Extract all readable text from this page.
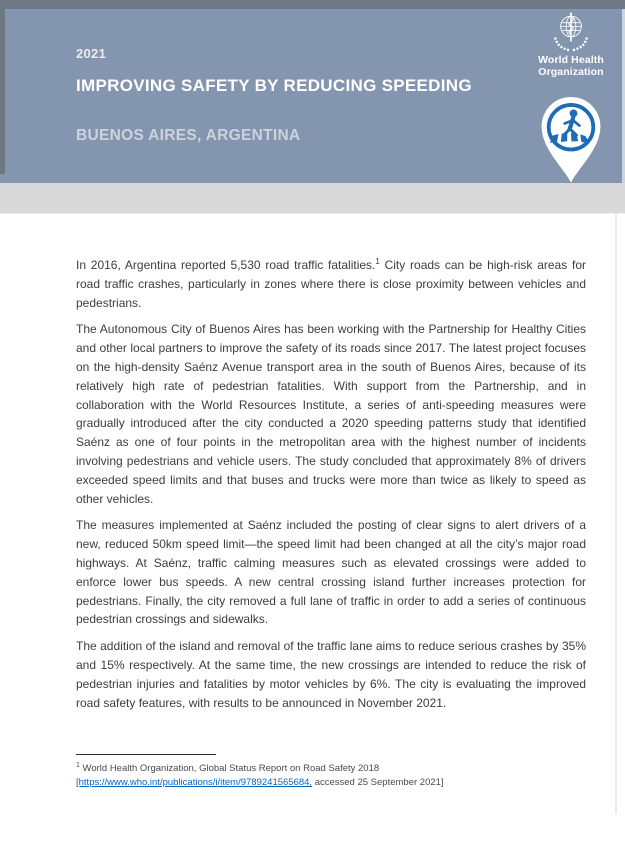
2021
IMPROVING SAFETY BY REDUCING SPEEDING
BUENOS AIRES, ARGENTINA
World Health
Organization

In 2016, Argentina reported 5,530 road traffic fatalities.$^1$ City roads can be high-risk areas for road traffic crashes, particularly in zones where there is close proximity between vehicles and pedestrians.

The Autonomous City of Buenos Aires has been working with the Partnership for Healthy Cities and other local partners to improve the safety of its roads since 2017. The latest project focuses on the high-density Saénz Avenue transport area in the south of Buenos Aires, because of its relatively high rate of pedestrian fatalities. With support from the Partnership, and in collaboration with the World Resources Institute, a series of anti-speeding measures were gradually introduced after the city conducted a 2020 speeding patterns study that identified Saénz as one of four points in the metropolitan area with the highest number of incidents involving pedestrians and vehicle users. The study concluded that approximately 8% of drivers exceeded speed limits and that buses and trucks were more than twice as likely to speed as other vehicles.

The measures implemented at Saénz included the posting of clear signs to alert drivers of a new, reduced 50km speed limit—the speed limit had been changed at all the city’s major road highways. At Saénz, traffic calming measures such as elevated crossings were added to enforce lower bus speeds. A new central crossing island further increases protection for pedestrians. Finally, the city removed a full lane of traffic in order to add a series of continuous pedestrian crossings and sidewalks.

The addition of the island and removal of the traffic lane aims to reduce serious crashes by 35% and 15% respectively. At the same time, the new crossings are intended to reduce the risk of pedestrian injuries and fatalities by motor vehicles by 6%. The city is evaluating the improved road safety features, with results to be announced in November 2021.

$^1$ World Health Organization, Global Status Report on Road Safety 2018
[https://www.who.int/publications/i/item/9789241565684, accessed 25 September 2021]
